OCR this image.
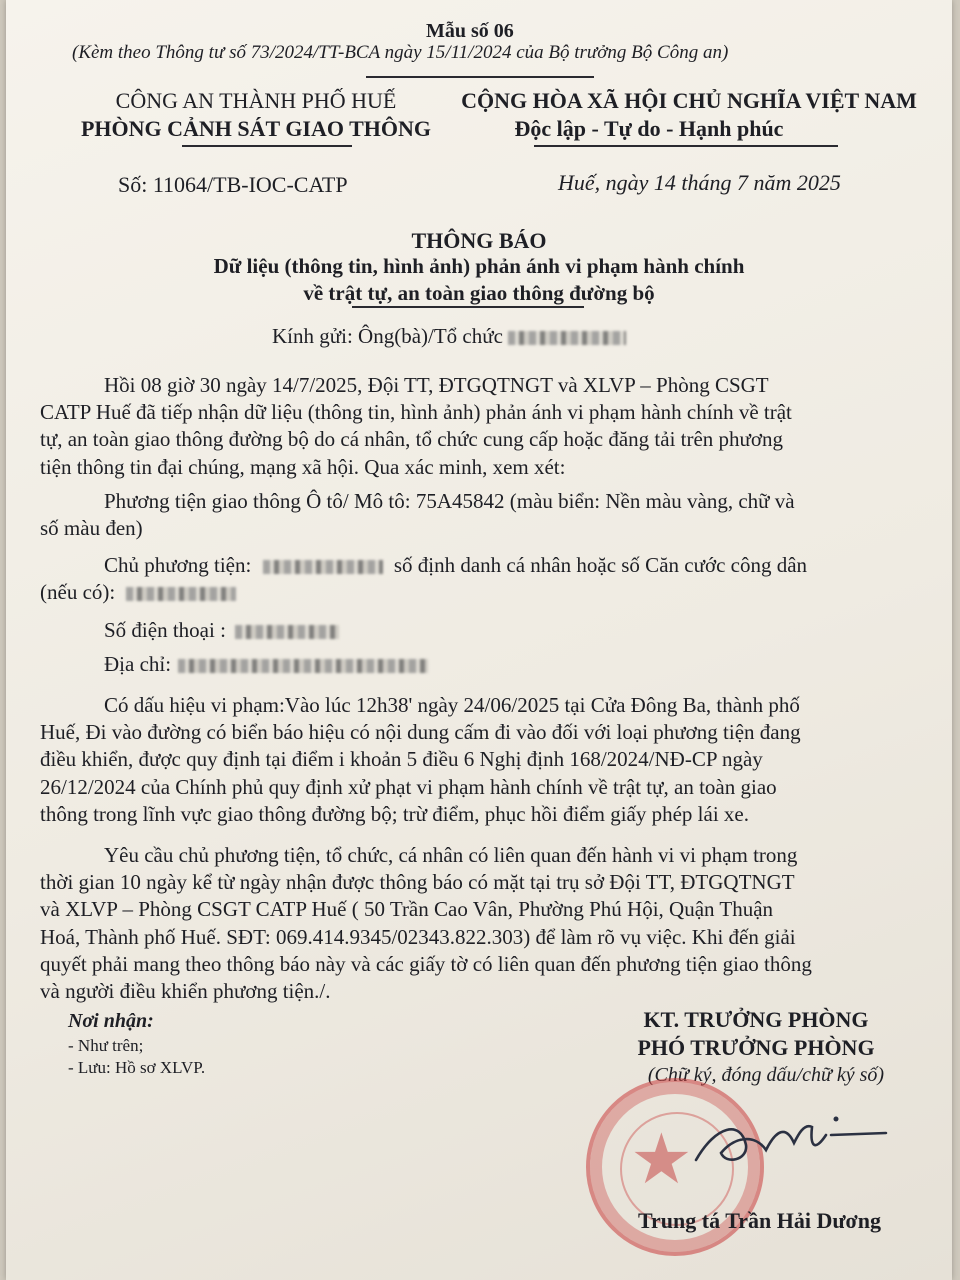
Mẫu số 06
(Kèm theo Thông tư số 73/2024/TT-BCA ngày 15/11/2024 của Bộ trưởng Bộ Công an)
CÔNG AN THÀNH PHỐ HUẾ
PHÒNG CẢNH SÁT GIAO THÔNG
CỘNG HÒA XÃ HỘI CHỦ NGHĨA VIỆT NAM
Độc lập - Tự do - Hạnh phúc
Số: 11064/TB-IOC-CATP	Huế, ngày 14 tháng 7 năm 2025
THÔNG BÁO
Dữ liệu (thông tin, hình ảnh) phản ánh vi phạm hành chính
về trật tự, an toàn giao thông đường bộ
Kính gửi: Ông(bà)/Tổ chức
Hồi 08 giờ 30 ngày 14/7/2025, Đội TT, ĐTGQTNGT và XLVP – Phòng CSGT
CATP Huế đã tiếp nhận dữ liệu (thông tin, hình ảnh) phản ánh vi phạm hành chính về trật
tự, an toàn giao thông đường bộ do cá nhân, tổ chức cung cấp hoặc đăng tải trên phương
tiện thông tin đại chúng, mạng xã hội. Qua xác minh, xem xét:
Phương tiện giao thông Ô tô/ Mô tô: 75A45842 (màu biển: Nền màu vàng, chữ và
số màu đen)
Chủ phương tiện:	số định danh cá nhân hoặc số Căn cước công dân
(nếu có):
Số điện thoại :
Địa chỉ:
Có dấu hiệu vi phạm:Vào lúc 12h38' ngày 24/06/2025 tại Cửa Đông Ba, thành phố
Huế, Đi vào đường có biển báo hiệu có nội dung cấm đi vào đối với loại phương tiện đang
điều khiển, được quy định tại điểm i khoản 5 điều 6 Nghị định 168/2024/NĐ-CP ngày
26/12/2024 của Chính phủ quy định xử phạt vi phạm hành chính về trật tự, an toàn giao
thông trong lĩnh vực giao thông đường bộ; trừ điểm, phục hồi điểm giấy phép lái xe.
Yêu cầu chủ phương tiện, tổ chức, cá nhân có liên quan đến hành vi vi phạm trong
thời gian 10 ngày kể từ ngày nhận được thông báo có mặt tại trụ sở Đội TT, ĐTGQTNGT
và XLVP – Phòng CSGT CATP Huế ( 50 Trần Cao Vân, Phường Phú Hội, Quận Thuận
Hoá, Thành phố Huế. SĐT: 069.414.9345/02343.822.303) để làm rõ vụ việc. Khi đến giải
quyết phải mang theo thông báo này và các giấy tờ có liên quan đến phương tiện giao thông
và người điều khiển phương tiện./.
Nơi nhận:
- Như trên;
- Lưu: Hồ sơ XLVP.
KT. TRƯỞNG PHÒNG
PHÓ TRƯỞNG PHÒNG
(Chữ ký, đóng dấu/chữ ký số)
★
Trung tá Trần Hải Dương
